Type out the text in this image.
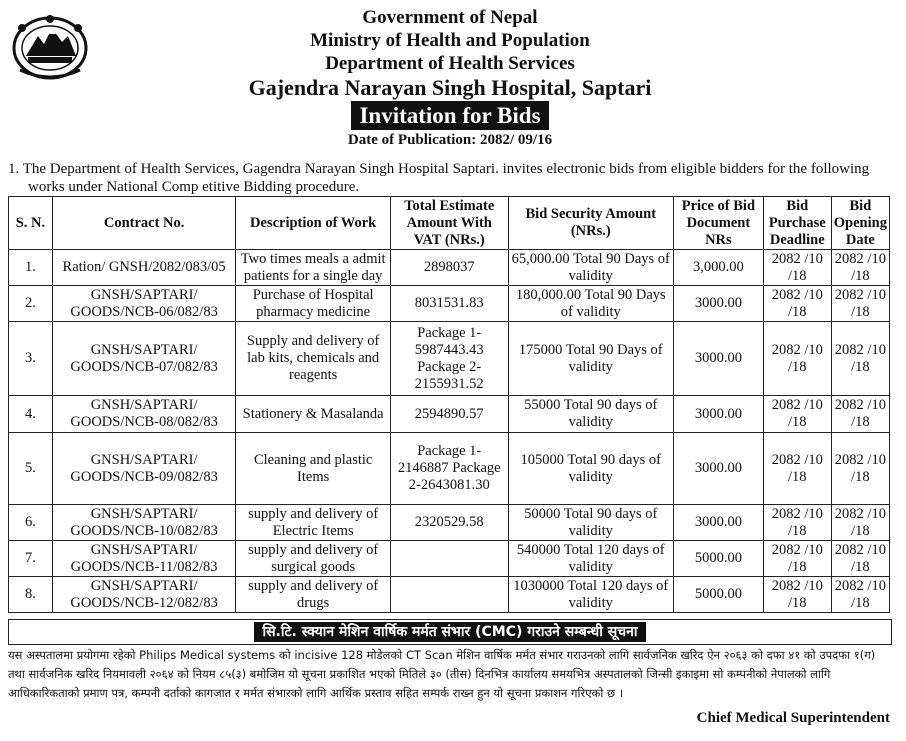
Government of Nepal
Ministry of Health and Population
Department of Health Services
Gajendra Narayan Singh Hospital, Saptari
Invitation for Bids
Date of Publication: 2082/ 09/16
1. The Department of Health Services, Gagendra Narayan Singh Hospital Saptari. invites electronic bids from eligible bidders for the following
works under National Comp etitive Bidding procedure.
S. N.	Contract No.	Description of Work	Total Estimate Amount With VAT (NRs.)	Bid Security Amount (NRs.)	Price of Bid Document NRs	Bid Purchase Deadline	Bid Opening Date
1.	Ration/ GNSH/2082/083/05	Two times meals a admit patients for a single day	2898037	65,000.00 Total 90 Days of validity	3,000.00	2082 /10 /18	2082 /10 /18
2.	GNSH/SAPTARI/ GOODS/NCB-06/082/83	Purchase of Hospital pharmacy medicine	8031531.83	180,000.00 Total 90 Days of validity	3000.00	2082 /10 /18	2082 /10 /18
3.	GNSH/SAPTARI/ GOODS/NCB-07/082/83	Supply and delivery of lab kits, chemicals and reagents	Package 1-5987443.43 Package 2-2155931.52	175000 Total 90 Days of validity	3000.00	2082 /10 /18	2082 /10 /18
4.	GNSH/SAPTARI/ GOODS/NCB-08/082/83	Stationery & Masalanda	2594890.57	55000 Total 90 days of validity	3000.00	2082 /10 /18	2082 /10 /18
5.	GNSH/SAPTARI/ GOODS/NCB-09/082/83	Cleaning and plastic Items	Package 1- 2146887 Package 2-2643081.30	105000 Total 90 days of validity	3000.00	2082 /10 /18	2082 /10 /18
6.	GNSH/SAPTARI/ GOODS/NCB-10/082/83	supply and delivery of Electric Items	2320529.58	50000 Total 90 days of validity	3000.00	2082 /10 /18	2082 /10 /18
7.	GNSH/SAPTARI/ GOODS/NCB-11/082/83	supply and delivery of surgical goods		540000 Total 120 days of validity	5000.00	2082 /10 /18	2082 /10 /18
8.	GNSH/SAPTARI/ GOODS/NCB-12/082/83	supply and delivery of drugs		1030000 Total 120 days of validity	5000.00	2082 /10 /18	2082 /10 /18
सि.टि. स्क्यान मेशिन वार्षिक मर्मत संभार (CMC) गराउने सम्बन्धी सूचना
यस अस्पतालमा प्रयोगमा रहेको Philips Medical systems को incisive 128 मोडेलको CT Scan मेशिन वार्षिक मर्मत संभार गराउनको लागि सार्वजनिक खरिद ऐन २०६३ को दफा ४१ को उपदफा १(ग) तथा सार्वजनिक खरिद नियमावली २०६४ को नियम ८५(३) बमोजिम यो सूचना प्रकाशित भएको मितिले ३० (तीस) दिनभित्र कार्यालय समयभित्र अस्पतालको जिन्सी इकाइमा सो कम्पनीको नेपालको लागि आधिकारिकताको प्रमाण पत्र, कम्पनी दर्ताको कागजात र मर्मत संभारको लागि आर्थिक प्रस्ताव सहित सम्पर्क राख्न हुन यो सूचना प्रकाशन गरिएको छ ।
Chief Medical Superintendent
